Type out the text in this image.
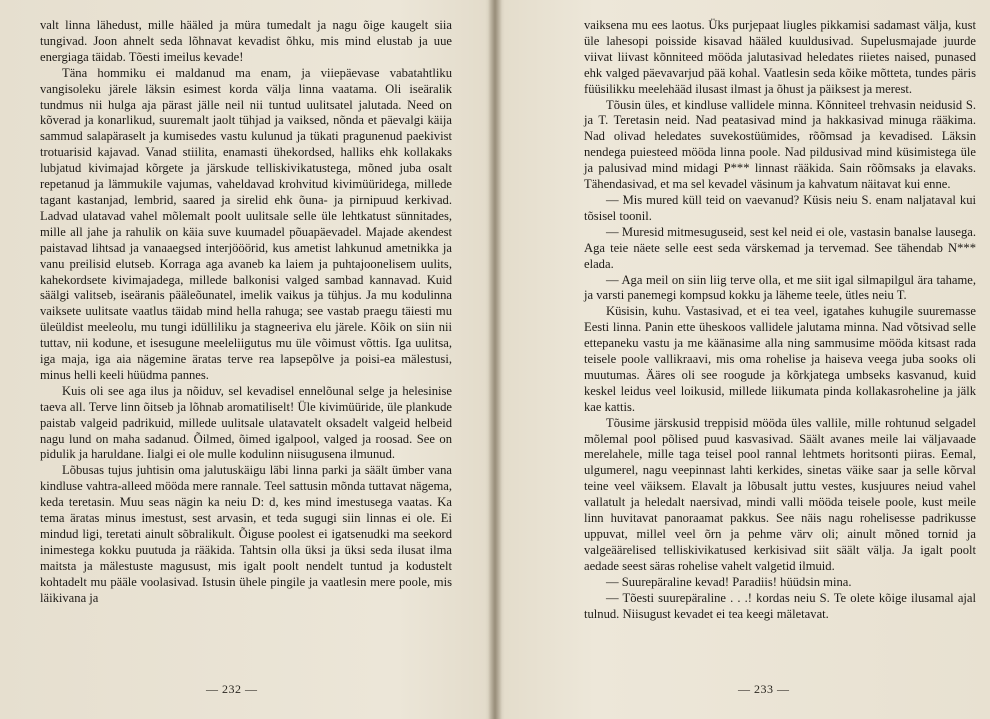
valt linna lähedust, mille hääled ja müra tumedalt ja nagu õige kaugelt siia tungivad. Joon ahnelt seda lõhnavat kevadist õhku, mis mind elustab ja uue energiaga täidab. Tõesti imeilus kevade!

Täna hommiku ei maldanud ma enam, ja viiepäevase vabatahtliku vangisoleku järele läksin esimest korda välja linna vaatama. Oli iseäralik tundmus nii hulga aja pärast jälle neil nii tuntud uulitsatel jalutada. Need on kõverad ja konarlikud, suuremalt jaolt tühjad ja vaiksed, nõnda et päevalgi käija sammud salapäraselt ja kumisedes vastu kulunud ja tükati pragunenud paekivist trotuarisid kajavad. Vanad stiilita, enamasti ühekordsed, halliks ehk kollakaks lubjatud kivimajad kõrgete ja järskude telliskivikatustega, mõned juba osalt repetanud ja lämmukile vajumas, vaheldavad krohvitud kivimüüridega, millede tagant kastanjad, lembrid, saared ja sirelid ehk õuna- ja pirnipuud kerkivad. Ladvad ulatavad vahel mõlemalt poolt uulitsale selle üle lehtkatust sünnitades, mille all jahe ja rahulik on käia suve kuumadel põuapäevadel. Majade akendest paistavad lihtsad ja vanaaegsed interjööörid, kus ametist lahkunud ametnikka ja vanu preilisid elutseb. Korraga aga avaneb ka laiem ja puhtajoonelisem uulits, kahekordsete kivimajadega, millede balkonisi valged sambad kannavad. Kuid säälgi valitseb, iseäranis pääleõunatel, imelik vaikus ja tühjus. Ja mu kodulinna vaiksete uulitsate vaatlus täidab mind hella rahuga; see vastab praegu täiesti mu üleüldist meeleolu, mu tungi idülliliku ja stagneeriva elu järele. Kõik on siin nii tuttav, nii kodune, et isesugune meeleliigutus mu üle võimust võttis. Iga uulitsa, iga maja, iga aia nägemine äratas terve rea lapsepõlve ja poisi-ea mälestusi, minus helli keeli hüüdma pannes.

Kuis oli see aga ilus ja nõiduv, sel kevadisel ennelõunal selge ja helesinise taeva all. Terve linn õitseb ja lõhnab aromatiliselt! Üle kivimüüride, üle plankude paistab valgeid padrikuid, millede uulitsale ulatavatelt oksadelt valgeid helbeid nagu lund on maha sadanud. Õilmed, õimed igalpool, valged ja roosad. See on pidulik ja haruldane. Iialgi ei ole mulle kodulinn niisugusena ilmunud.

Lõbusas tujus juhtisin oma jalutuskäigu läbi linna parki ja säält ümber vana kindluse vahtra-alleed mööda mere rannale. Teel sattusin mõnda tuttavat nägema, keda teretasin. Muu seas nägin ka neiu D: d, kes mind imestusega vaatas. Ka tema äratas minus imestust, sest arvasin, et teda sugugi siin linnas ei ole. Ei mindud ligi, teretati ainult sõbralikult. Õiguse poolest ei igatsenudki ma seekord inimestega kokku puutuda ja rääkida. Tahtsin olla üksi ja üksi seda ilusat ilma maitsta ja mälestuste magusust, mis igalt poolt nendelt tuntud ja kodustelt kohtadelt mu pääle voolasivad. Istusin ühele pingile ja vaatlesin mere poole, mis läikivana ja

— 232 —

vaiksena mu ees laotus. Üks purjepaat liugles pikkamisi sadamast välja, kust üle lahesopi poisside kisavad hääled kuuldusivad. Supelusmajade juurde viivat liivast kõnniteed mööda jalutasivad heledates riietes naised, punased ehk valged päevavarjud pää kohal. Vaatlesin seda kõike mõtteta, tundes päris füüsilikku meelehääd ilusast ilmast ja õhust ja päiksest ja merest.

Tõusin üles, et kindluse vallidele minna. Kõnniteel trehvasin neidusid S. ja T. Teretasin neid. Nad peatasivad mind ja hakkasivad minuga rääkima. Nad olivad heledates suvekostüümides, rõõmsad ja kevadised. Läksin nendega puiesteed mööda linna poole. Nad pildusivad mind küsimistega üle ja palusivad mind midagi P*** linnast rääkida. Sain rõõmsaks ja elavaks. Tähendasivad, et ma sel kevadel väsinum ja kahvatum näitavat kui enne.

— Mis mured küll teid on vaevanud? Küsis neiu S. enam naljataval kui tõsisel toonil.

— Muresid mitmesuguseid, sest kel neid ei ole, vastasin banalse lausega. Aga teie näete selle eest seda värskemad ja tervemad. See tähendab N*** elada.

— Aga meil on siin liig terve olla, et me siit igal silmapilgul ära tahame, ja varsti panemegi kompsud kokku ja läheme teele, ütles neiu T.

Küsisin, kuhu. Vastasivad, et ei tea veel, igatahes kuhugile suuremasse Eesti linna. Panin ette üheskoos vallidele jalutama minna. Nad võtsivad selle ettepaneku vastu ja me käänasime alla ning sammusime mööda kitsast rada teisele poole vallikraavi, mis oma rohelise ja haiseva veega juba sooks oli muutumas. Ääres oli see roogude ja kõrkjatega umbseks kasvanud, kuid keskel leidus veel loikusid, millede liikumata pinda kollakasroheline ja jälk kae kattis.

Tõusime järskusid treppisid mööda üles vallile, mille rohtunud selgadel mõlemal pool põlised puud kasvasivad. Säält avanes meile lai väljavaade merelahele, mille taga teisel pool rannal lehtmets horitsonti piiras. Eemal, ulgumerel, nagu veepinnast lahti kerkides, sinetas väike saar ja selle kõrval teine veel väiksem. Elavalt ja lõbusalt juttu vestes, kusjuures neiud vahel vallatult ja heledalt naersivad, mindi valli mööda teisele poole, kust meile linn huvitavat panoraamat pakkus. See näis nagu rohelisesse padrikusse uppuvat, millel veel õrn ja pehme värv oli; ainult mõned tornid ja valgeäärelised telliskivikatused kerkisivad siit säält välja. Ja igalt poolt aedade seest säras rohelise vahelt valgetid ilmuid.

— Suurepäraline kevad! Paradiis! hüüdsin mina.

— Tõesti suurepäraline . . .! kordas neiu S. Te olete kõige ilusamal ajal tulnud. Niisugust kevadet ei tea keegi mäletavat.

— 233 —
